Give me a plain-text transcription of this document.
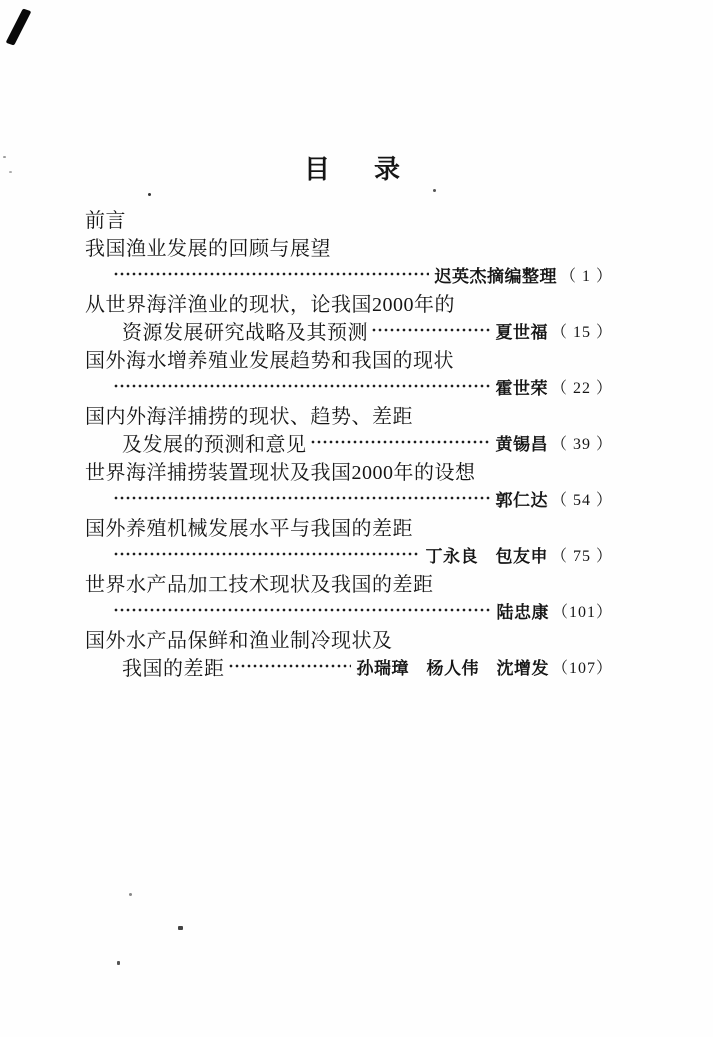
目　录
前言
我国渔业发展的回顾与展望
迟英杰摘编整理 （ 1 ）
从世界海洋渔业的现状，论我国2000年的
资源发展研究战略及其预测	夏世福 （ 15 ）
国外海水增养殖业发展趋势和我国的现状
霍世荣 （ 22 ）
国内外海洋捕捞的现状、趋势、差距
及发展的预测和意见	黄锡昌 （ 39 ）
世界海洋捕捞装置现状及我国2000年的设想
郭仁达 （ 54 ）
国外养殖机械发展水平与我国的差距
丁永良　包友申 （ 75 ）
世界水产品加工技术现状及我国的差距
陆忠康 （101）
国外水产品保鲜和渔业制冷现状及
我国的差距	孙瑞璋　杨人伟　沈增发 （107）
